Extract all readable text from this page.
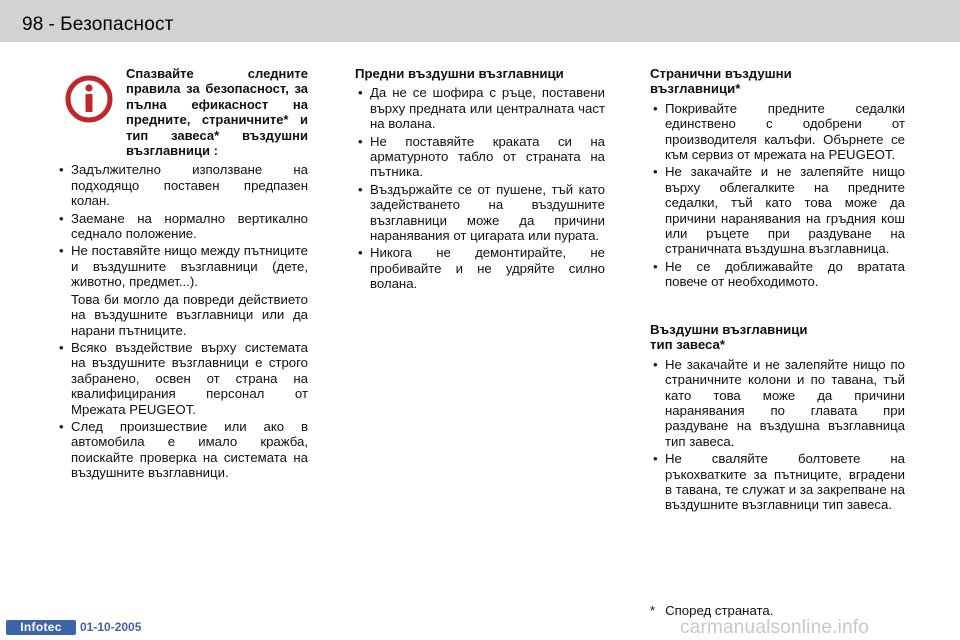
98 - Безопасност
Спазвайте следните правила за безопасност, за пълна ефикасност на предните, страничните* и тип завеса* въздушни възглавници :
• Задължително използване на подходящо поставен предпазен колан.
• Заемане на нормално вертикално седнало положение.
• Не поставяйте нищо между пътниците и въздушните възглавници (дете, животно, предмет...).
Това би могло да повреди действието на въздушните възглавници или да нарани пътниците.
• Всяко въздействие върху системата на въздушните възглавници е строго забранено, освен от страна на квалифицирания персонал от Мрежата PEUGEOT.
• След произшествие или ако в автомобила е имало кражба, поискайте проверка на системата на въздушните възглавници.
Предни въздушни възглавници
• Да не се шофира с ръце, поставени върху предната или централната част на волана.
• Не поставяйте краката си на арматурното табло от страната на пътника.
• Въздържайте се от пушене, тъй като задействането на въздушните възглавници може да причини наранявания от цигарата или пурата.
• Никога не демонтирайте, не пробивайте и не удряйте силно волана.
Странични въздушни възглавници*
• Покривайте предните седалки единствено с одобрени от производителя калъфи. Обърнете се към сервиз от мрежата на PEUGEOT.
• Не закачайте и не залепяйте нищо върху облегалките на предните седалки, тъй като това може да причини наранявания на гръдния кош или ръцете при раздуване на страничната въздушна възглавница.
• Не се доближавайте до вратата повече от необходимото.
Въздушни възглавници
тип завеса*
• Не закачайте и не залепяйте нищо по страничните колони и по тавана, тъй като това може да причини наранявания по главата при раздуване на въздушна възглавница тип завеса.
• Не сваляйте болтовете на ръкохватките за пътниците, вградени в тавана, те служат и за закрепване на въздушните възглавници тип завеса.
* Според страната.
Infotec	01-10-2005	carmanualsonline.info
